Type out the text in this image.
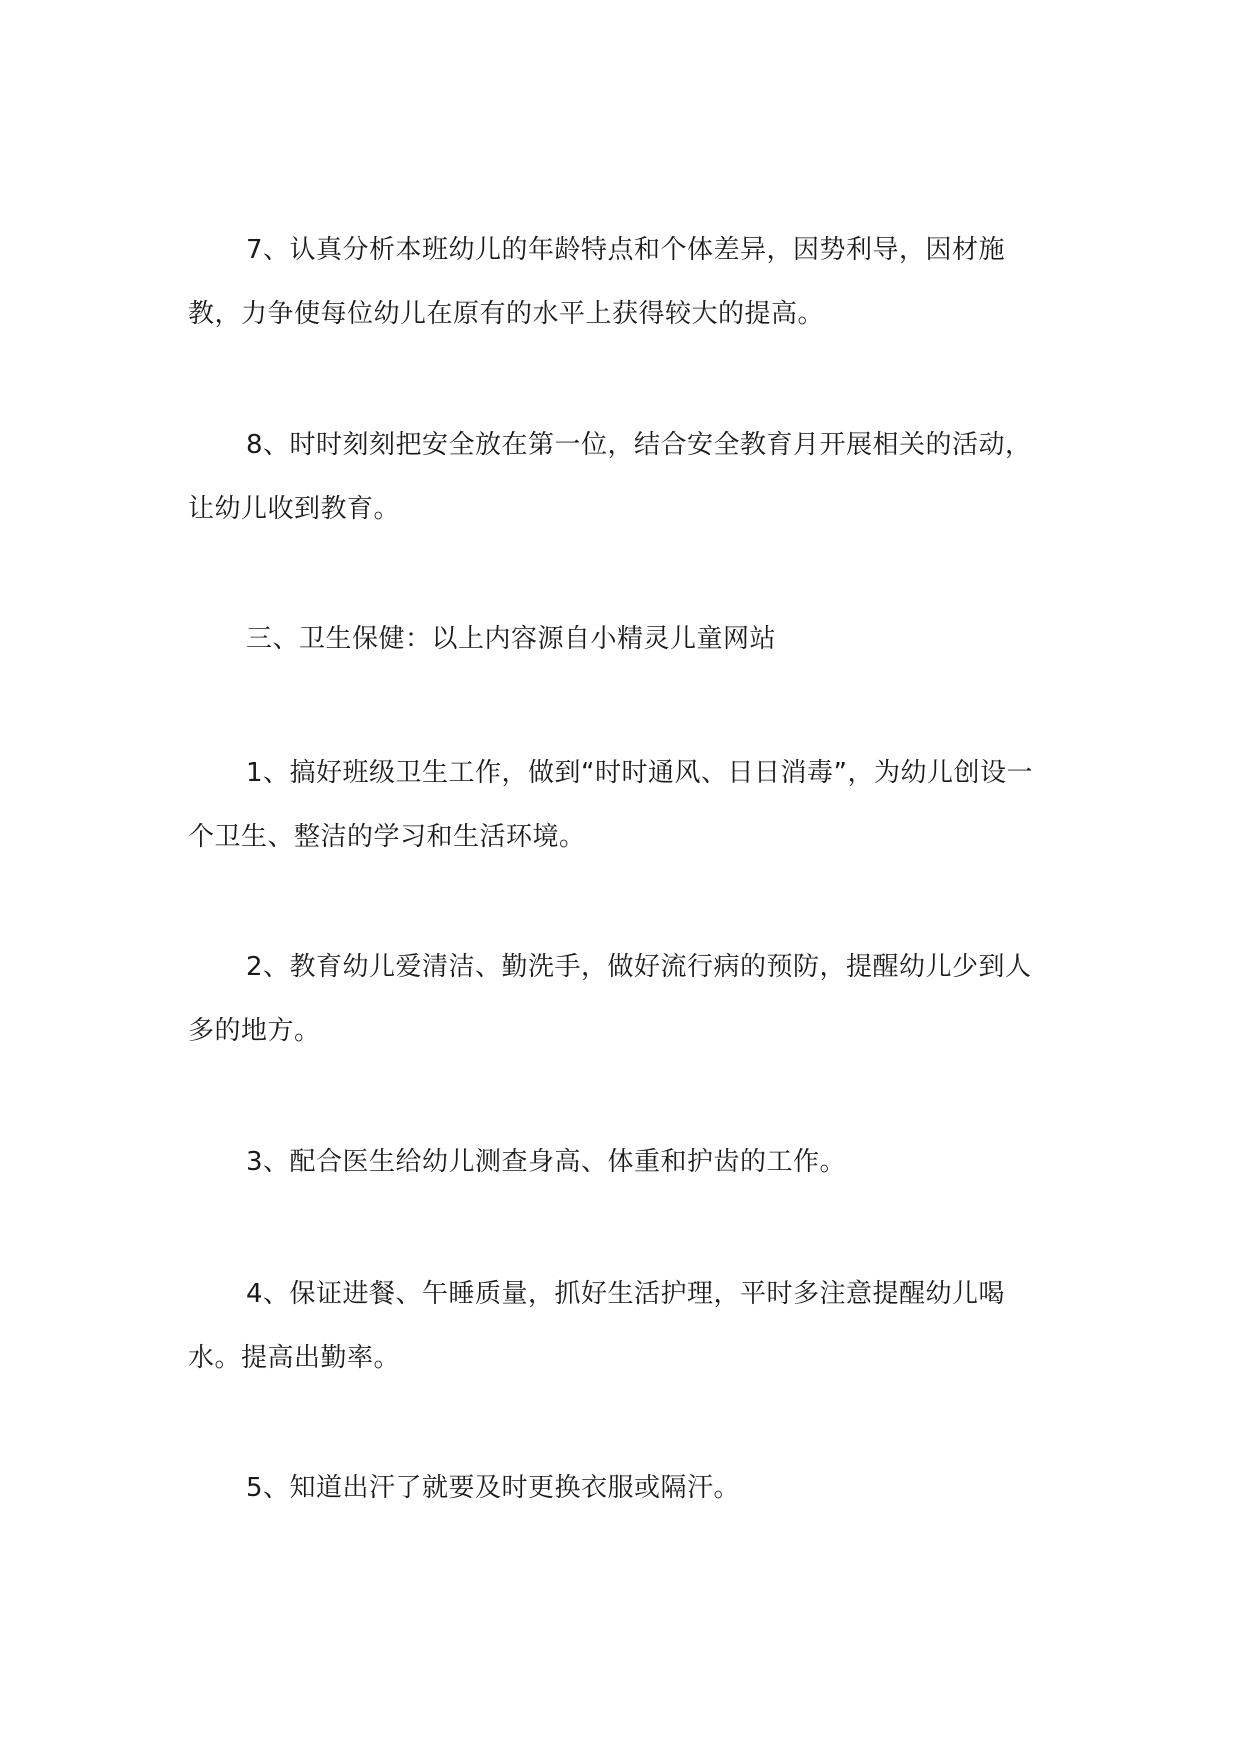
7、认真分析本班幼儿的年龄特点和个体差异，因势利导，因材施教，力争使每位幼儿在原有的水平上获得较大的提高。

8、时时刻刻把安全放在第一位，结合安全教育月开展相关的活动，让幼儿收到教育。

三、卫生保健：以上内容源自小精灵儿童网站

1、搞好班级卫生工作，做到“时时通风、日日消毒”，为幼儿创设一个卫生、整洁的学习和生活环境。

2、教育幼儿爱清洁、勤洗手，做好流行病的预防，提醒幼儿少到人多的地方。

3、配合医生给幼儿测查身高、体重和护齿的工作。

4、保证进餐、午睡质量，抓好生活护理，平时多注意提醒幼儿喝水。提高出勤率。

5、知道出汗了就要及时更换衣服或隔汗。
